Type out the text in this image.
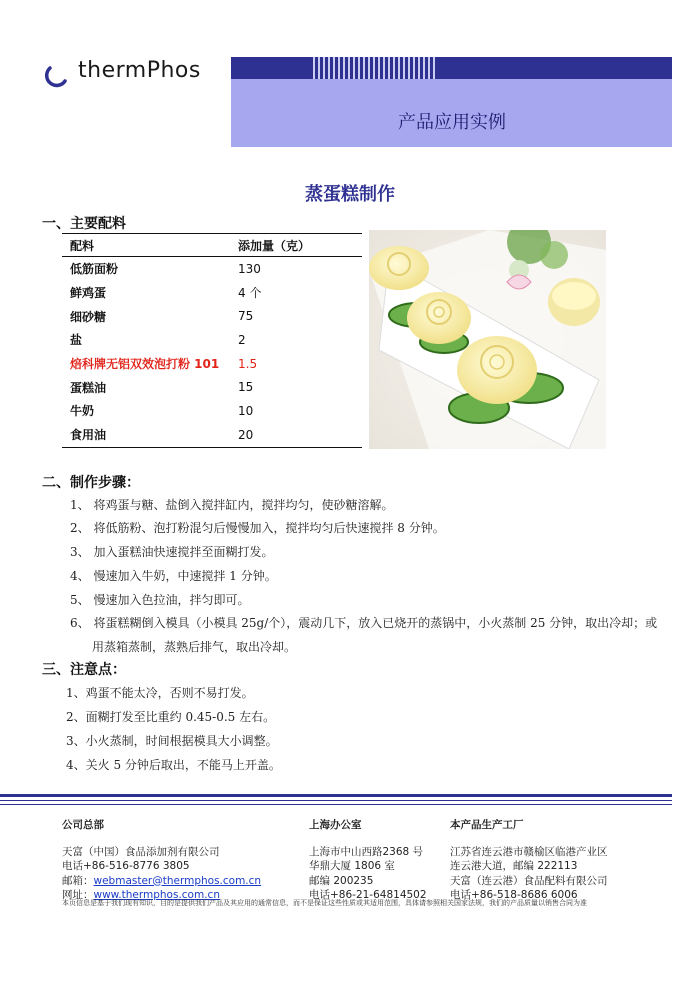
thermPhos
产品应用实例
蒸蛋糕制作
一、主要配料
配料	添加量（克）
低筋面粉	130
鲜鸡蛋	4 个
细砂糖	75
盐	2
焙科牌无铝双效泡打粉 101	1.5
蛋糕油	15
牛奶	10
食用油	20
二、制作步骤：
1、 将鸡蛋与糖、盐倒入搅拌缸内，搅拌均匀，使砂糖溶解。
2、 将低筋粉、泡打粉混匀后慢慢加入，搅拌均匀后快速搅拌 8 分钟。
3、 加入蛋糕油快速搅拌至面糊打发。
4、 慢速加入牛奶，中速搅拌 1 分钟。
5、 慢速加入色拉油，拌匀即可。
6、 将蛋糕糊倒入模具（小模具 25g/个），震动几下，放入已烧开的蒸锅中，小火蒸制 25 分钟，取出冷却；或
用蒸箱蒸制，蒸熟后排气，取出冷却。
三、注意点：
1、鸡蛋不能太冷，否则不易打发。
2、面糊打发至比重约 0.45-0.5 左右。
3、小火蒸制，时间根据模具大小调整。
4、关火 5 分钟后取出，不能马上开盖。
公司总部
天富（中国）食品添加剂有限公司
电话+86-516-8776 3805
邮箱：webmaster@thermphos.com.cn
网址：www.thermphos.com.cn
上海办公室
上海市中山西路2368 号
华鼎大厦 1806 室
邮编 200235
电话+86-21-64814502
本产品生产工厂
江苏省连云港市赣榆区临港产业区
连云港大道，邮编 222113
天富（连云港）食品配料有限公司
电话+86-518-8686 6006
本页信息是基于我们现有知识，目的是提供我们产品及其应用的通常信息，而不是保证这些性质或其适用范围，具体请参照相关国家法规，我们的产品质量以销售合同为准
